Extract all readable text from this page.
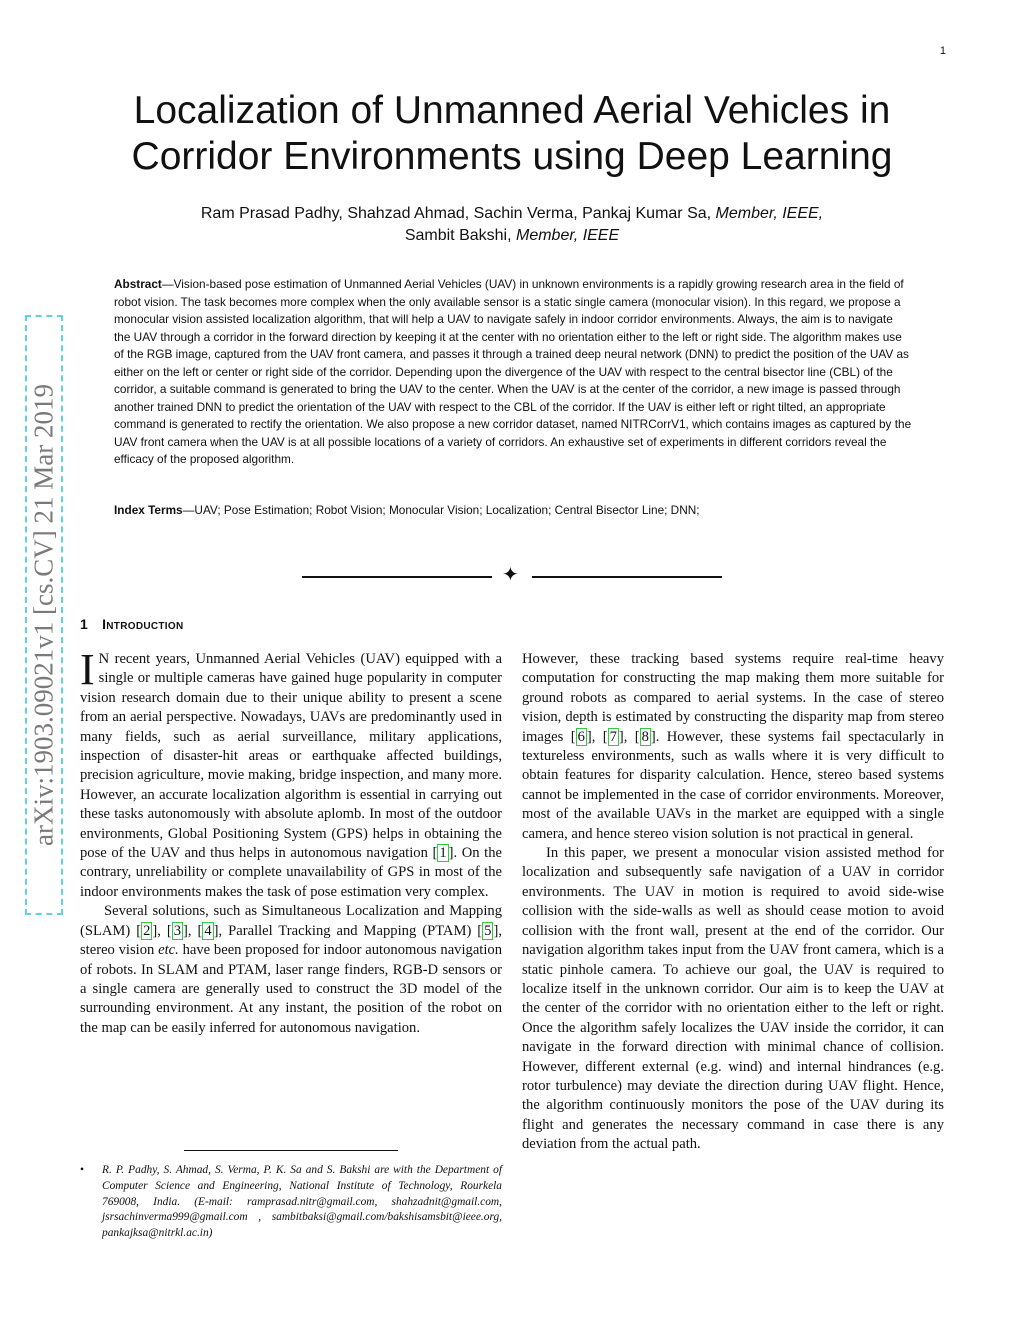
1
arXiv:1903.09021v1 [cs.CV] 21 Mar 2019
Localization of Unmanned Aerial Vehicles in Corridor Environments using Deep Learning
Ram Prasad Padhy, Shahzad Ahmad, Sachin Verma, Pankaj Kumar Sa, Member, IEEE,
Sambit Bakshi, Member, IEEE

Abstract—Vision-based pose estimation of Unmanned Aerial Vehicles (UAV) in unknown environments is a rapidly growing research area in the field of robot vision. The task becomes more complex when the only available sensor is a static single camera (monocular vision). In this regard, we propose a monocular vision assisted localization algorithm, that will help a UAV to navigate safely in indoor corridor environments. Always, the aim is to navigate the UAV through a corridor in the forward direction by keeping it at the center with no orientation either to the left or right side. The algorithm makes use of the RGB image, captured from the UAV front camera, and passes it through a trained deep neural network (DNN) to predict the position of the UAV as either on the left or center or right side of the corridor. Depending upon the divergence of the UAV with respect to the central bisector line (CBL) of the corridor, a suitable command is generated to bring the UAV to the center. When the UAV is at the center of the corridor, a new image is passed through another trained DNN to predict the orientation of the UAV with respect to the CBL of the corridor. If the UAV is either left or right tilted, an appropriate command is generated to rectify the orientation. We also propose a new corridor dataset, named NITRCorrV1, which contains images as captured by the UAV front camera when the UAV is at all possible locations of a variety of corridors. An exhaustive set of experiments in different corridors reveal the efficacy of the proposed algorithm.

Index Terms—UAV; Pose Estimation; Robot Vision; Monocular Vision; Localization; Central Bisector Line; DNN;

✦
1 Introduction

I N recent years, Unmanned Aerial Vehicles (UAV) equipped with a single or multiple cameras have gained huge popularity in computer vision research domain due to their unique ability to present a scene from an aerial perspective. Nowadays, UAVs are predominantly used in many fields, such as aerial surveillance, military applications, inspection of disaster-hit areas or earthquake affected buildings, precision agriculture, movie making, bridge inspection, and many more. However, an accurate localization algorithm is essential in carrying out these tasks autonomously with absolute aplomb. In most of the outdoor environments, Global Positioning System (GPS) helps in obtaining the pose of the UAV and thus helps in autonomous navigation [ 1 ]. On the contrary, unreliability or complete unavailability of GPS in most of the indoor environments makes the task of pose estimation very complex.

Several solutions, such as Simultaneous Localization and Mapping (SLAM) [ 2 ], [ 3 ], [ 4 ], Parallel Tracking and Mapping (PTAM) [ 5 ], stereo vision etc. have been proposed for indoor autonomous navigation of robots. In SLAM and PTAM, laser range finders, RGB-D sensors or a single camera are generally used to construct the 3D model of the surrounding environment. At any instant, the position of the robot on the map can be easily inferred for autonomous navigation.

• R. P. Padhy, S. Ahmad, S. Verma, P. K. Sa and S. Bakshi are with the Department of Computer Science and Engineering, National Institute of Technology, Rourkela 769008, India. (E-mail: ramprasad.nitr@gmail.com, shahzadnit@gmail.com, jsrsachinverma999@gmail.com , sambitbaksi@gmail.com/bakshisamsbit@ieee.org, pankajksa@nitrkl.ac.in)

However, these tracking based systems require real-time heavy computation for constructing the map making them more suitable for ground robots as compared to aerial systems. In the case of stereo vision, depth is estimated by constructing the disparity map from stereo images [ 6 ], [ 7 ], [ 8 ]. However, these systems fail spectacularly in textureless environments, such as walls where it is very difficult to obtain features for disparity calculation. Hence, stereo based systems cannot be implemented in the case of corridor environments. Moreover, most of the available UAVs in the market are equipped with a single camera, and hence stereo vision solution is not practical in general.

In this paper, we present a monocular vision assisted method for localization and subsequently safe navigation of a UAV in corridor environments. The UAV in motion is required to avoid side-wise collision with the side-walls as well as should cease motion to avoid collision with the front wall, present at the end of the corridor. Our navigation algorithm takes input from the UAV front camera, which is a static pinhole camera. To achieve our goal, the UAV is required to localize itself in the unknown corridor. Our aim is to keep the UAV at the center of the corridor with no orientation either to the left or right. Once the algorithm safely localizes the UAV inside the corridor, it can navigate in the forward direction with minimal chance of collision. However, different external (e.g. wind) and internal hindrances (e.g. rotor turbulence) may deviate the direction during UAV flight. Hence, the algorithm continuously monitors the pose of the UAV during its flight and generates the necessary command in case there is any deviation from the actual path.
